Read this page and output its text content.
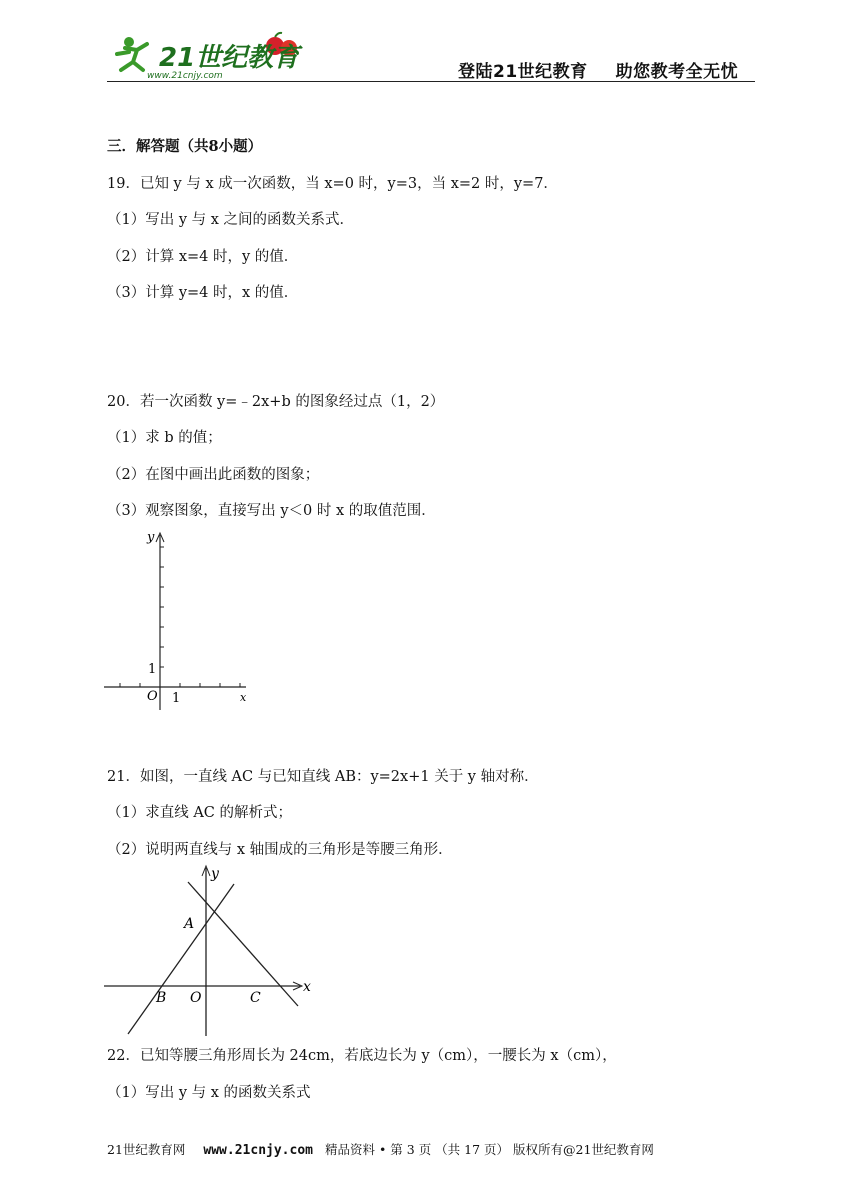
21世纪教育
www.21cnjy.com	登陆21世纪教育 助您教考全无忧
三．解答题（共8小题）
19．已知 y 与 x 成一次函数，当 x=0 时，y=3，当 x=2 时，y=7．
（1）写出 y 与 x 之间的函数关系式．
（2）计算 x=4 时，y 的值．
（3）计算 y=4 时，x 的值．
20．若一次函数 y=﹣2x+b 的图象经过点（1，2）
（1）求 b 的值；
（2）在图中画出此函数的图象；
（3）观察图象，直接写出 y＜0 时 x 的取值范围．
y
x
O 1
1
21．如图，一直线 AC 与已知直线 AB：y=2x+1 关于 y 轴对称．
（1）求直线 AC 的解析式；
（2）说明两直线与 x 轴围成的三角形是等腰三角形．
y
x
A
B O	C
22．已知等腰三角形周长为 24cm，若底边长为 y（cm），一腰长为 x（cm），
（1）写出 y 与 x 的函数关系式
21世纪教育网 www.21cnjy.com 精品资料 • 第 3 页 （共 17 页） 版权所有@21世纪教育网
